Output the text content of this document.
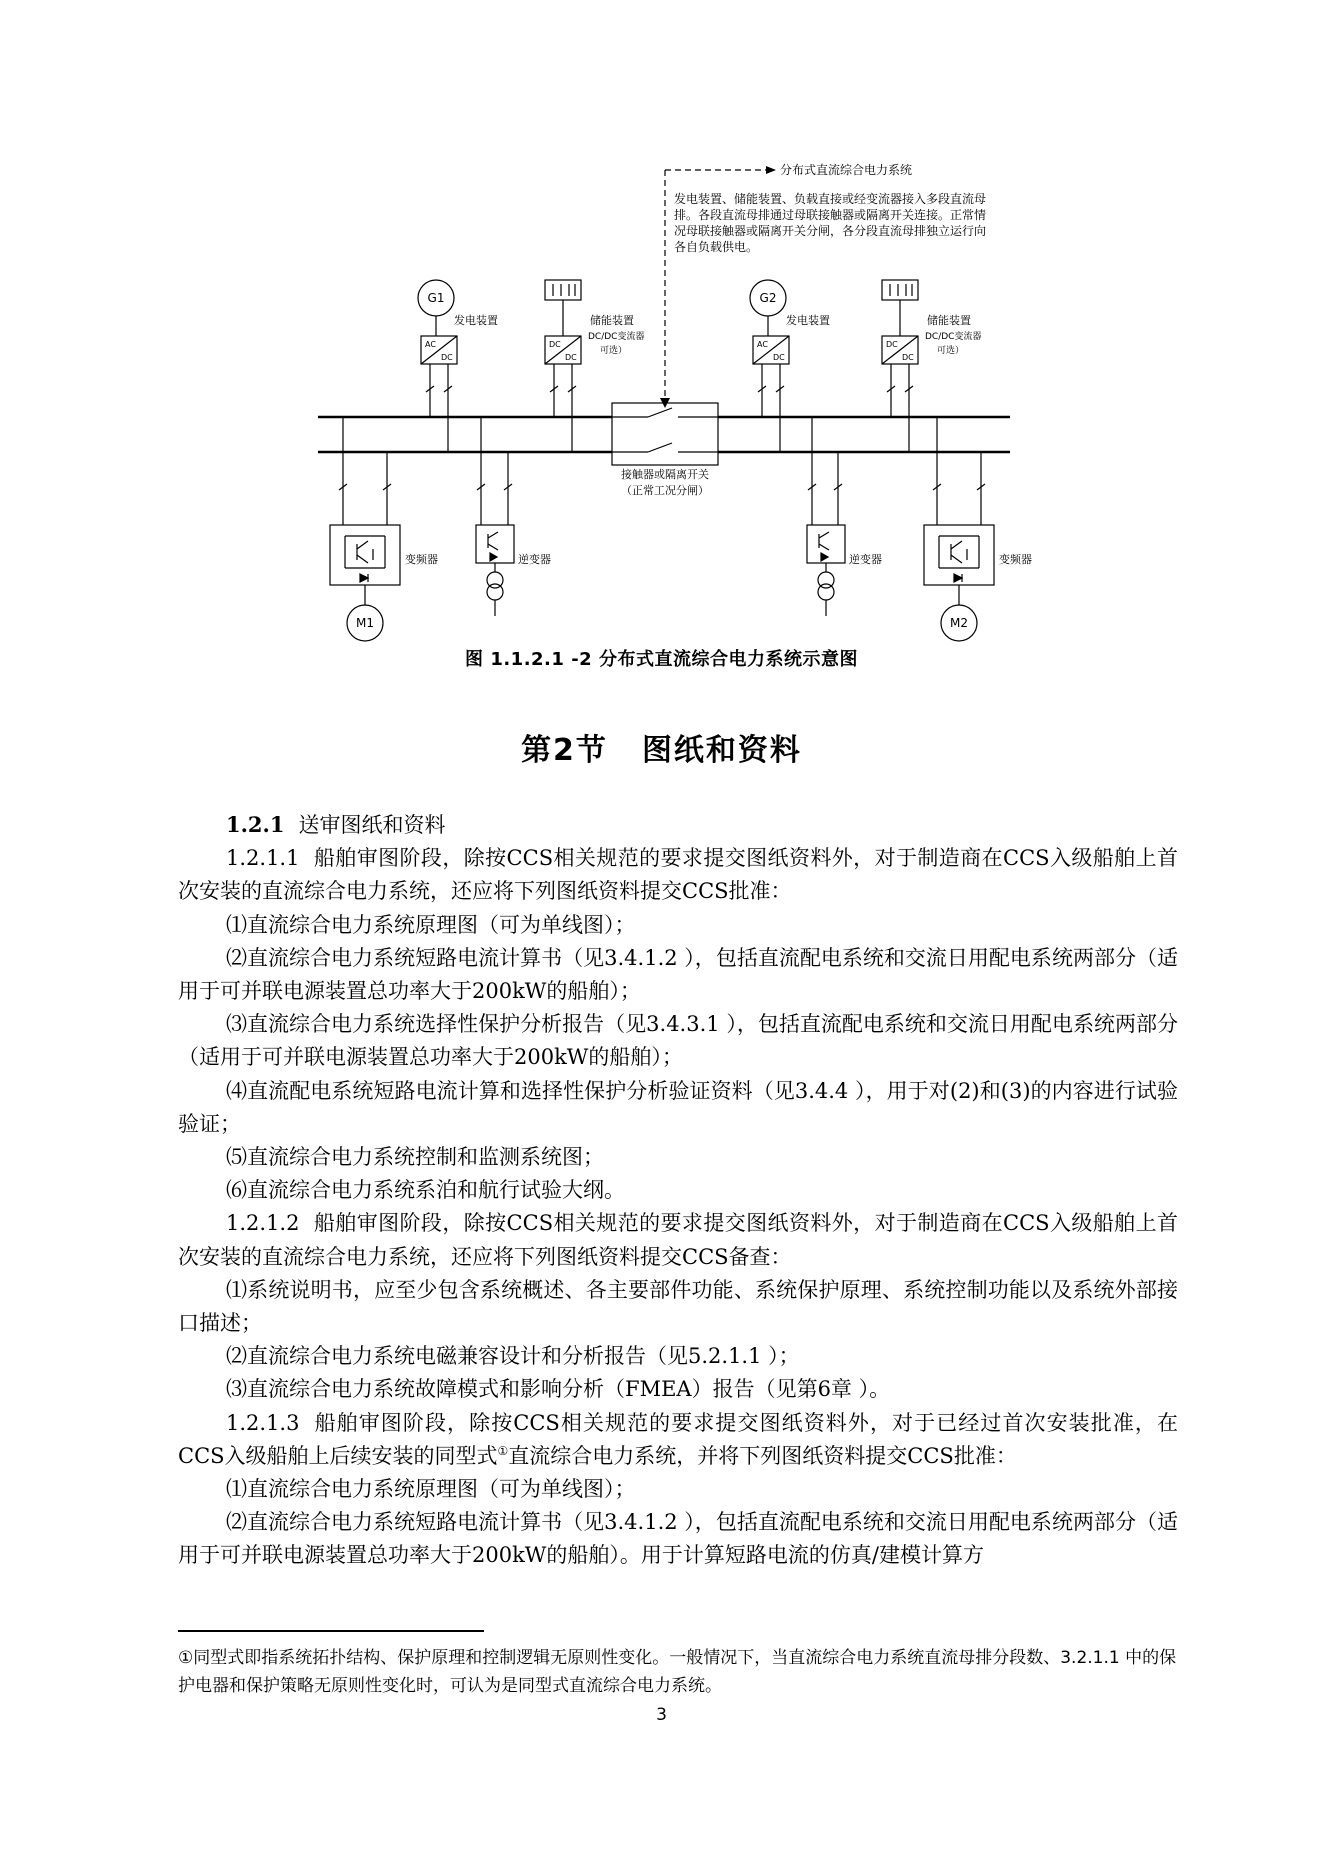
分布式直流综合电力系统
发电装置、储能装置、负载直接或经变流器接入多段直流母
排。各段直流母排通过母联接触器或隔离开关连接。正常情
况母联接触器或隔离开关分闸，各分段直流母排独立运行向
各自负载供电。
接触器或隔离开关
（正常工况分闸）
G1
发电装置
AC
DC
DC
DC
储能装置
DC/DC变流器
可选）
G2
发电装置
AC
DC
DC
DC
储能装置
DC/DC变流器
可选）
M1
变频器	逆变器	逆变器
M2
变频器
图 1.1.2.1 -2 分布式直流综合电力系统示意图
第2节 图纸和资料

1.2.1 送审图纸和资料

1.2.1.1 船舶审图阶段，除按CCS相关规范的要求提交图纸资料外，对于制造商在CCS入级船舶上首次安装的直流综合电力系统，还应将下列图纸资料提交CCS批准：

⑴直流综合电力系统原理图（可为单线图）；

⑵直流综合电力系统短路电流计算书（见3.4.1.2 ），包括直流配电系统和交流日用配电系统两部分（适用于可并联电源装置总功率大于200kW的船舶）；

⑶直流综合电力系统选择性保护分析报告（见3.4.3.1 ），包括直流配电系统和交流日用配电系统两部分（适用于可并联电源装置总功率大于200kW的船舶）；

⑷直流配电系统短路电流计算和选择性保护分析验证资料（见3.4.4 ），用于对(2)和(3)的内容进行试验验证；

⑸直流综合电力系统控制和监测系统图；

⑹直流综合电力系统系泊和航行试验大纲。

1.2.1.2 船舶审图阶段，除按CCS相关规范的要求提交图纸资料外，对于制造商在CCS入级船舶上首次安装的直流综合电力系统，还应将下列图纸资料提交CCS备查：

⑴系统说明书，应至少包含系统概述、各主要部件功能、系统保护原理、系统控制功能以及系统外部接口描述；

⑵直流综合电力系统电磁兼容设计和分析报告（见5.2.1.1 ）；

⑶直流综合电力系统故障模式和影响分析（FMEA）报告（见第6章 ）。

1.2.1.3 船舶审图阶段，除按CCS相关规范的要求提交图纸资料外，对于已经过首次安装批准，在CCS入级船舶上后续安装的同型式①直流综合电力系统，并将下列图纸资料提交CCS批准：

⑴直流综合电力系统原理图（可为单线图）；

⑵直流综合电力系统短路电流计算书（见3.4.1.2 ），包括直流配电系统和交流日用配电系统两部分（适用于可并联电源装置总功率大于200kW的船舶）。用于计算短路电流的仿真/建模计算方

①同型式即指系统拓扑结构、保护原理和控制逻辑无原则性变化。一般情况下，当直流综合电力系统直流母排分段数、3.2.1.1 中的保护电器和保护策略无原则性变化时，可认为是同型式直流综合电力系统。
3
